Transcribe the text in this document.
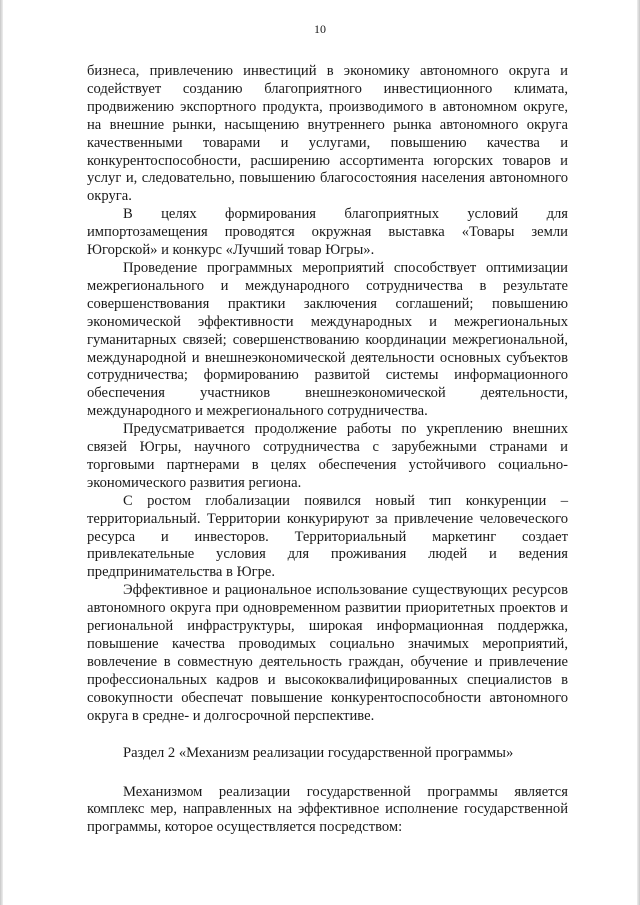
10

бизнеса, привлечению инвестиций в экономику автономного округа и содействует созданию благоприятного инвестиционного климата, продвижению экспортного продукта, производимого в автономном округе, на внешние рынки, насыщению внутреннего рынка автономного округа качественными товарами и услугами, повышению качества и конкурентоспособности, расширению ассортимента югорских товаров и услуг и, следовательно, повышению благосостояния населения автономного округа.

В целях формирования благоприятных условий для импортозамещения проводятся окружная выставка «Товары земли Югорской» и конкурс «Лучший товар Югры».

Проведение программных мероприятий способствует оптимизации межрегионального и международного сотрудничества в результате совершенствования практики заключения соглашений; повышению экономической эффективности международных и межрегиональных гуманитарных связей; совершенствованию координации межрегиональной, международной и внешнеэкономической деятельности основных субъектов сотрудничества; формированию развитой системы информационного обеспечения участников внешнеэкономической деятельности, международного и межрегионального сотрудничества.

Предусматривается продолжение работы по укреплению внешних связей Югры, научного сотрудничества с зарубежными странами и торговыми партнерами в целях обеспечения устойчивого социально-экономического развития региона.

С ростом глобализации появился новый тип конкуренции – территориальный. Территории конкурируют за привлечение человеческого ресурса и инвесторов. Территориальный маркетинг создает привлекательные условия для проживания людей и ведения предпринимательства в Югре.

Эффективное и рациональное использование существующих ресурсов автономного округа при одновременном развитии приоритетных проектов и региональной инфраструктуры, широкая информационная поддержка, повышение качества проводимых социально значимых мероприятий, вовлечение в совместную деятельность граждан, обучение и привлечение профессиональных кадров и высококвалифицированных специалистов в совокупности обеспечат повышение конкурентоспособности автономного округа в средне- и долгосрочной перспективе.

Раздел 2 «Механизм реализации государственной программы»

Механизмом реализации государственной программы является комплекс мер, направленных на эффективное исполнение государственной программы, которое осуществляется посредством:
